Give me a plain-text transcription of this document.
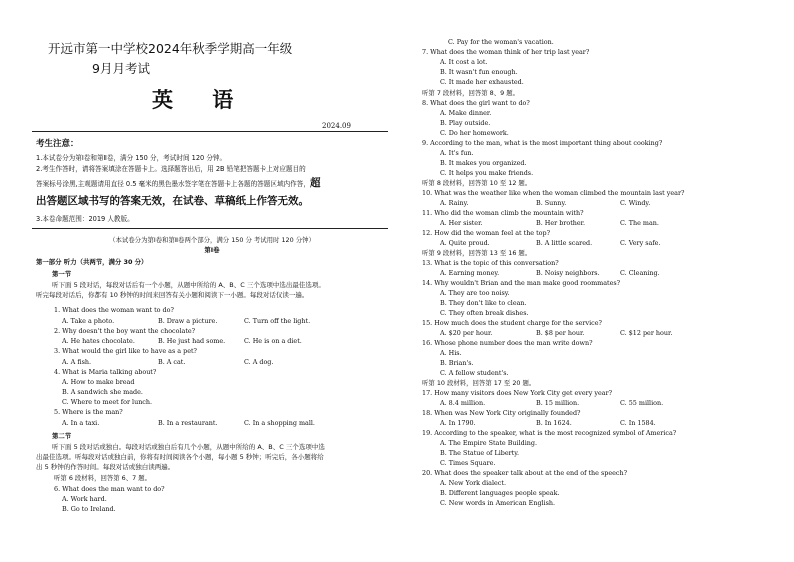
开远市第一中学校2024年秋季学期高一年级

9月月考试

英 语
2024.09
考生注意：
1.本试卷分为第Ⅰ卷和第Ⅱ卷，满分 150 分，考试时间 120 分钟。
2.考生作答时，请将答案填涂在答题卡上。选择题答出后，用 2B 铅笔把答题卡上对应题目的
答案标号涂黑,主观题请用直径 0.5 毫米的黑色墨水签字笔在答题卡上各题的答题区域内作答，超
出答题区域书写的答案无效，在试卷、草稿纸上作答无效。
3.本卷命题范围：2019 人教版。
（本试卷分为第Ⅰ卷和第Ⅱ卷两个部分，满分 150 分 考试用时 120 分钟）
第Ⅰ卷
第一部分 听力（共两节，满分 30 分）
第一节
听下面 5 段对话，每段对话后有一个小题，从题中所给的 A、B、C 三个选项中选出最佳选项。
听完每段对话后，你都有 10 秒钟的时间来回答有关小题和阅读下一小题。每段对话仅读一遍。
1. What does the woman want to do?
A. Take a photo.	B. Draw a picture.	C. Turn off the light.
2. Why doesn't the boy want the chocolate?
A. He hates chocolate.	B. He just had some.	C. He is on a diet.
3. What would the girl like to have as a pet?
A. A fish.	B. A cat.	C. A dog.
4. What is Maria talking about?
A. How to make bread
B. A sandwich she made.
C. Where to meet for lunch.
5. Where is the man?
A. In a taxi.	B. In a restaurant.	C. In a shopping mall.
第二节
听下面 5 段对话或独白。每段对话或独白后有几个小题，从题中所给的 A、B、C 三个选项中选
出最佳选项。听每段对话或独白前，你将有时间阅读各个小题，每小题 5 秒钟；听完后，各小题将给
出 5 秒钟的作答时间。每段对话或独白读两遍。
听第 6 段材料，回答第 6、7 题。
6. What does the man want to do?
A. Work hard.
B. Go to Ireland.
C. Pay for the woman's vacation.
7. What does the woman think of her trip last year?
A. It cost a lot.
B. It wasn't fun enough.
C. It made her exhausted.
听第 7 段材料，回答第 8、9 题。
8. What does the girl want to do?
A. Make dinner.
B. Play outside.
C. Do her homework.
9. According to the man, what is the most important thing about cooking?
A. It's fun.
B. It makes you organized.
C. It helps you make friends.
听第 8 段材料，回答第 10 至 12 题。
10. What was the weather like when the woman climbed the mountain last year?
A. Rainy.	B. Sunny.	C. Windy.
11. Who did the woman climb the mountain with?
A. Her sister.	B. Her brother.	C. The man.
12. How did the woman feel at the top?
A. Quite proud.	B. A little scared.	C. Very safe.
听第 9 段材料，回答第 13 至 16 题。
13. What is the topic of this conversation?
A. Earning money.	B. Noisy neighbors.	C. Cleaning.
14. Why wouldn't Brian and the man make good roommates?
A. They are too noisy.
B. They don't like to clean.
C. They often break dishes.
15. How much does the student charge for the service?
A. $20 per hour.	B. $8 per hour.	C. $12 per hour.
16. Whose phone number does the man write down?
A. His.
B. Brian's.
C. A fellow student's.
听第 10 段材料，回答第 17 至 20 题。
17. How many visitors does New York City get every year?
A. 8.4 million.	B. 15 million.	C. 55 million.
18. When was New York City originally founded?
A. In 1790.	B. In 1624.	C. In 1584.
19. According to the speaker, what is the most recognized symbol of America?
A. The Empire State Building.
B. The Statue of Liberty.
C. Times Square.
20. What does the speaker talk about at the end of the speech?
A. New York dialect.
B. Different languages people speak.
C. New words in American English.
